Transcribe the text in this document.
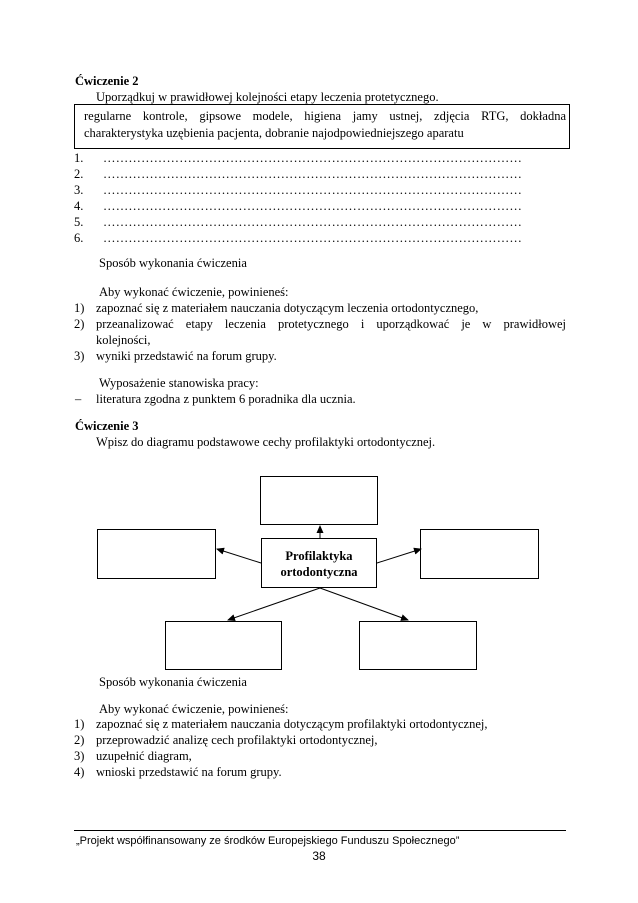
Ćwiczenie 2
Uporządkuj w prawidłowej kolejności etapy leczenia protetycznego.
regularne kontrole, gipsowe modele, higiena jamy ustnej, zdjęcia RTG, dokładna
charakterystyka uzębienia pacjenta, dobranie najodpowiedniejszego aparatu
1. ………………………………………………………………………………………
2. ………………………………………………………………………………………
3. ………………………………………………………………………………………
4. ………………………………………………………………………………………
5. ………………………………………………………………………………………
6. ………………………………………………………………………………………
Sposób wykonania ćwiczenia
Aby wykonać ćwiczenie, powinieneś:
1) zapoznać się z materiałem nauczania dotyczącym leczenia ortodontycznego,
2) przeanalizować etapy leczenia protetycznego i uporządkować je w prawidłowej
kolejności,
3) wyniki przedstawić na forum grupy.
Wyposażenie stanowiska pracy:
– literatura zgodna z punktem 6 poradnika dla ucznia.
Ćwiczenie 3
Wpisz do diagramu podstawowe cechy profilaktyki ortodontycznej.
Profilaktyka
ortodontyczna
Sposób wykonania ćwiczenia
Aby wykonać ćwiczenie, powinieneś:
1) zapoznać się z materiałem nauczania dotyczącym profilaktyki ortodontycznej,
2) przeprowadzić analizę cech profilaktyki ortodontycznej,
3) uzupełnić diagram,
4) wnioski przedstawić na forum grupy.
„Projekt współfinansowany ze środków Europejskiego Funduszu Społecznego”
38
